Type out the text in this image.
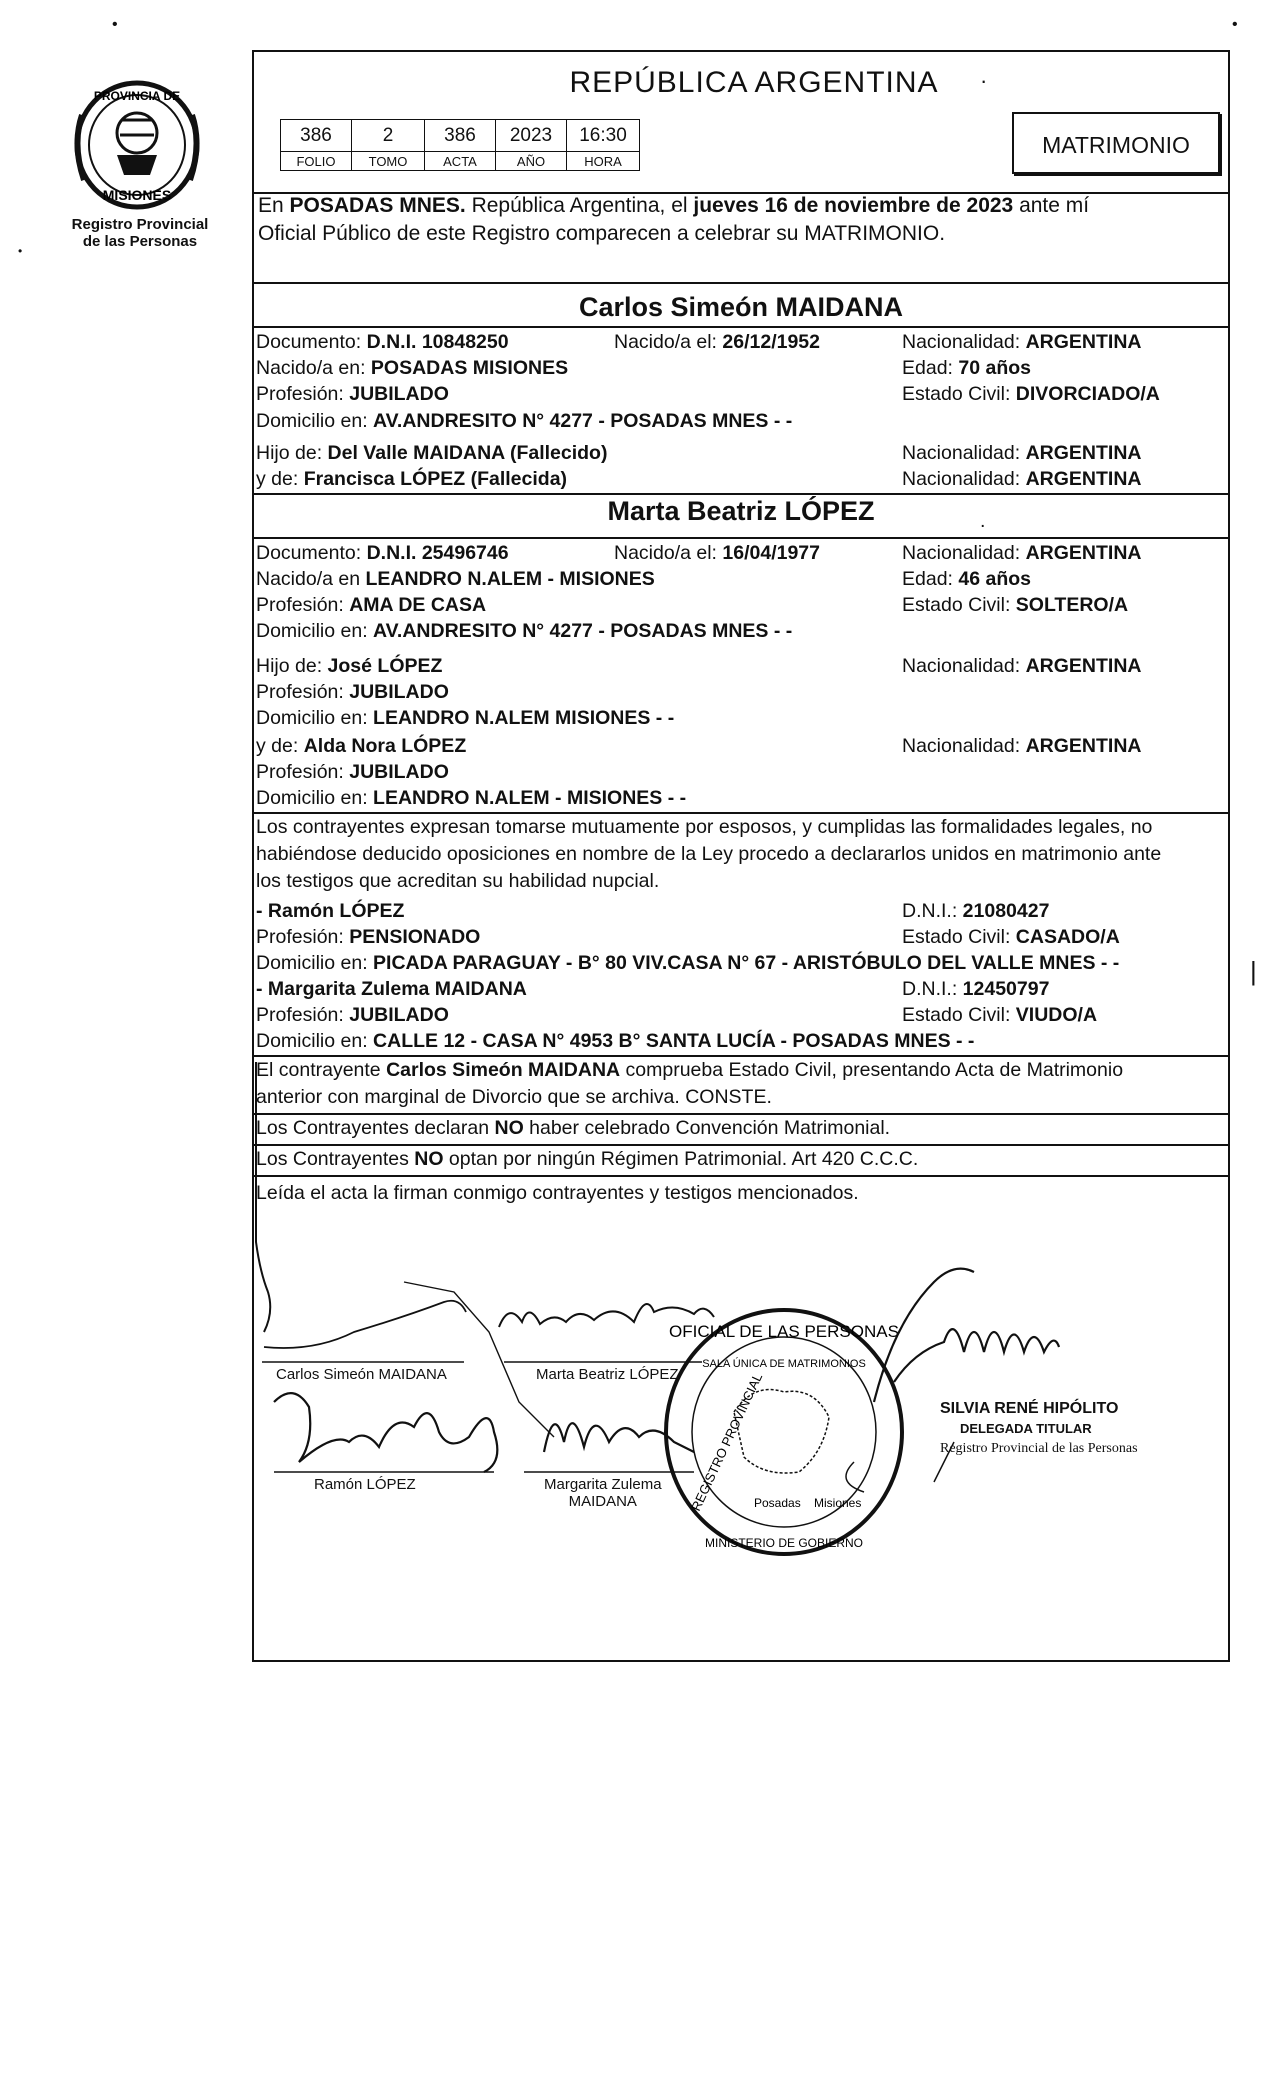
PROVINCIA DE
MISIONES
Registro Provincial
de las Personas
•	•
•
|
REPÚBLICA ARGENTINA	·
386	2	386	2023	16:30
FOLIO	TOMO	ACTA	AÑO	HORA
MATRIMONIO
En POSADAS MNES. República Argentina, el jueves 16 de noviembre de 2023 ante mí
Oficial Público de este Registro comparecen a celebrar su MATRIMONIO.
Carlos Simeón MAIDANA
Documento: D.N.I. 10848250	Nacido/a el: 26/12/1952	Nacionalidad: ARGENTINA
Nacido/a en: POSADAS MISIONES	Edad: 70 años
Profesión: JUBILADO	Estado Civil: DIVORCIADO/A
Domicilio en: AV.ANDRESITO N° 4277 - POSADAS MNES - -
Hijo de: Del Valle MAIDANA (Fallecido)	Nacionalidad: ARGENTINA
y de: Francisca LÓPEZ (Fallecida)	Nacionalidad: ARGENTINA
Marta Beatriz LÓPEZ	.
Documento: D.N.I. 25496746	Nacido/a el: 16/04/1977	Nacionalidad: ARGENTINA
Nacido/a en LEANDRO N.ALEM - MISIONES	Edad: 46 años
Profesión: AMA DE CASA	Estado Civil: SOLTERO/A
Domicilio en: AV.ANDRESITO N° 4277 - POSADAS MNES - -
Hijo de: José LÓPEZ	Nacionalidad: ARGENTINA
Profesión: JUBILADO
Domicilio en: LEANDRO N.ALEM MISIONES - -
y de: Alda Nora LÓPEZ	Nacionalidad: ARGENTINA
Profesión: JUBILADO
Domicilio en: LEANDRO N.ALEM - MISIONES - -
Los contrayentes expresan tomarse mutuamente por esposos, y cumplidas las formalidades legales, no
habiéndose deducido oposiciones en nombre de la Ley procedo a declararlos unidos en matrimonio ante
los testigos que acreditan su habilidad nupcial.
- Ramón LÓPEZ	D.N.I.: 21080427
Profesión: PENSIONADO	Estado Civil: CASADO/A
Domicilio en: PICADA PARAGUAY - B° 80 VIV.CASA N° 67 - ARISTÓBULO DEL VALLE MNES - -
- Margarita Zulema MAIDANA	D.N.I.: 12450797
Profesión: JUBILADO	Estado Civil: VIUDO/A
Domicilio en: CALLE 12 - CASA N° 4953 B° SANTA LUCÍA - POSADAS MNES - -
El contrayente Carlos Simeón MAIDANA comprueba Estado Civil, presentando Acta de Matrimonio
anterior con marginal de Divorcio que se archiva. CONSTE.
Los Contrayentes declaran NO haber celebrado Convención Matrimonial.
Los Contrayentes NO optan por ningún Régimen Patrimonial. Art 420 C.C.C.
Leída el acta la firman conmigo contrayentes y testigos mencionados.
OFICIAL DE LAS PERSONAS
REGISTRO PROVINCIAL
SALA ÚNICA DE MATRIMONIOS
MINISTERIO DE GOBIERNO
Posadas Misiones
Carlos Simeón MAIDANA	Marta Beatriz LÓPEZ
Ramón LÓPEZ	Margarita Zulema
MAIDANA
SILVIA RENÉ HIPÓLITO
DELEGADA TITULAR
Registro Provincial de las Personas
